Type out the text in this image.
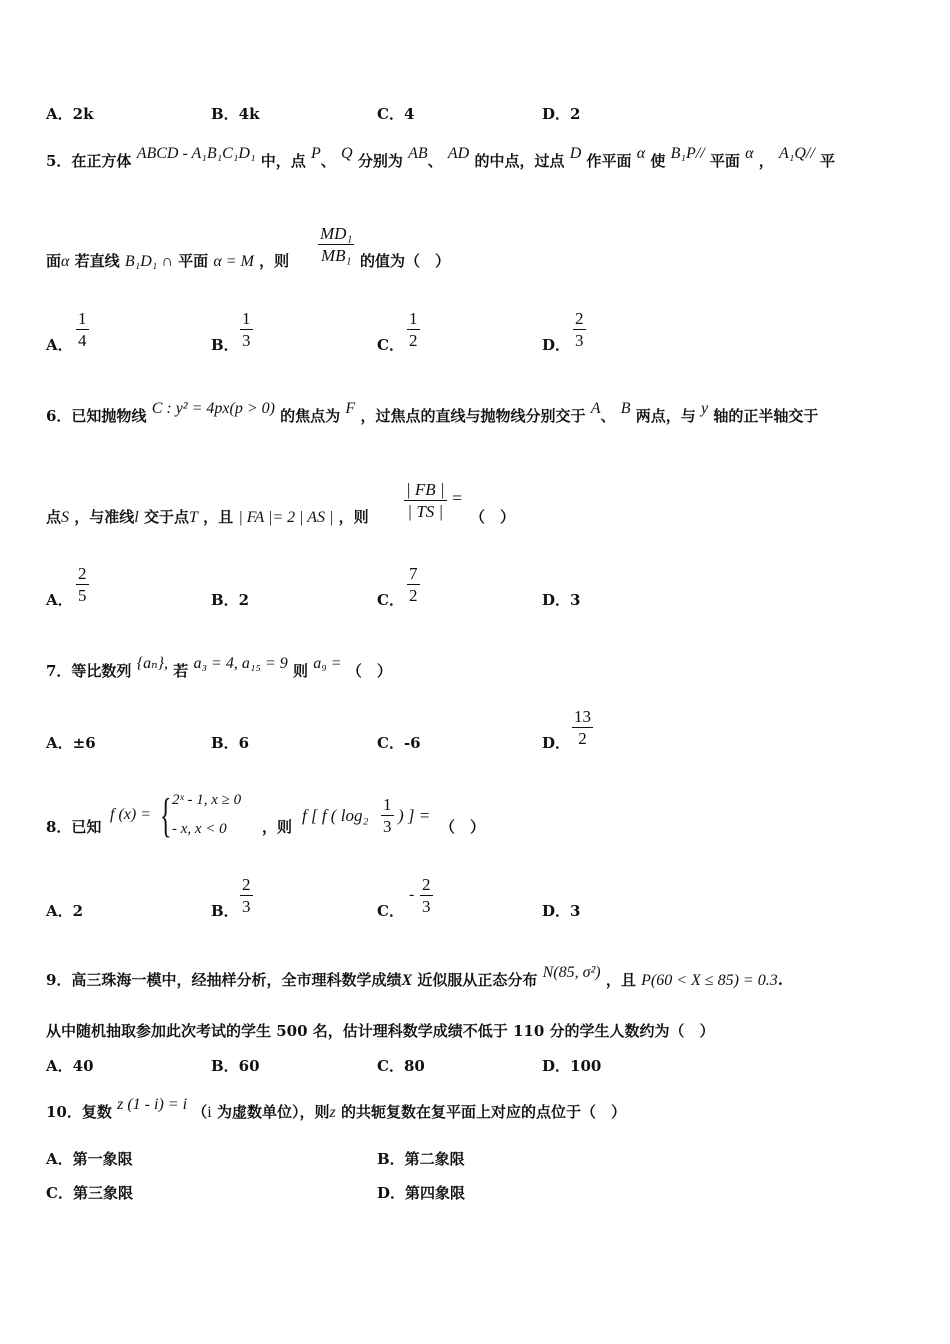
A．2k	B．4k	C．4	D．2
5．在正方体 ABCD - A₁B₁C₁D₁ 中，点 P、 Q 分别为 AB、 AD 的中点，过点 D 作平面 α 使 B₁P// 平面 α ， A₁Q// 平
面α 若直线 B₁D₁ ∩ 平面 α = M ，则 $\frac{\text{MD₁}}{\text{MB₁}}$ 的值为（　）
A． $\frac{1}{4}$	B． $\frac{1}{3}$	C． $\frac{1}{2}$	D． $\frac{2}{3}$
6．已知抛物线 C : y² = 4px(p > 0) 的焦点为 F ，过焦点的直线与抛物线分别交于 A、 B 两点，与 y 轴的正半轴交于
点S ，与准线l 交于点T ，且 | FA |= 2 | AS | ，则 $\frac{| FB |}{| TS |}$ =
（　）
A． $\frac{2}{5}$	B．2	C． $\frac{7}{2}$	D．3
7．等比数列 {aₙ}, 若 a₃ = 4, a₁₅ = 9 则 a₉ = （　）
A．±6	B．6	C．-6	D． $\frac{13}{2}$
8．已知
f (x) = { 2ˣ - 1, x ≥ 0
- x, x < 0 ，则
f [ f ( $\log_2 \frac{1}{3}$ ) ] =
（　）
A．2	B． $\frac{2}{3}$	C．
- $\frac{2}{3}$	D．3
9．高三珠海一模中，经抽样分析，全市理科数学成绩X 近似服从正态分布 N(85, σ²) ，且 P(60 < X ≤ 85) = 0.3.
从中随机抽取参加此次考试的学生 500 名，估计理科数学成绩不低于 110 分的学生人数约为（　）
A．40	B．60	C．80	D．100
10．复数 z (1 - i) = i （i 为虚数单位），则z 的共轭复数在复平面上对应的点位于（　）
A．第一象限	B．第二象限
C．第三象限	D．第四象限
